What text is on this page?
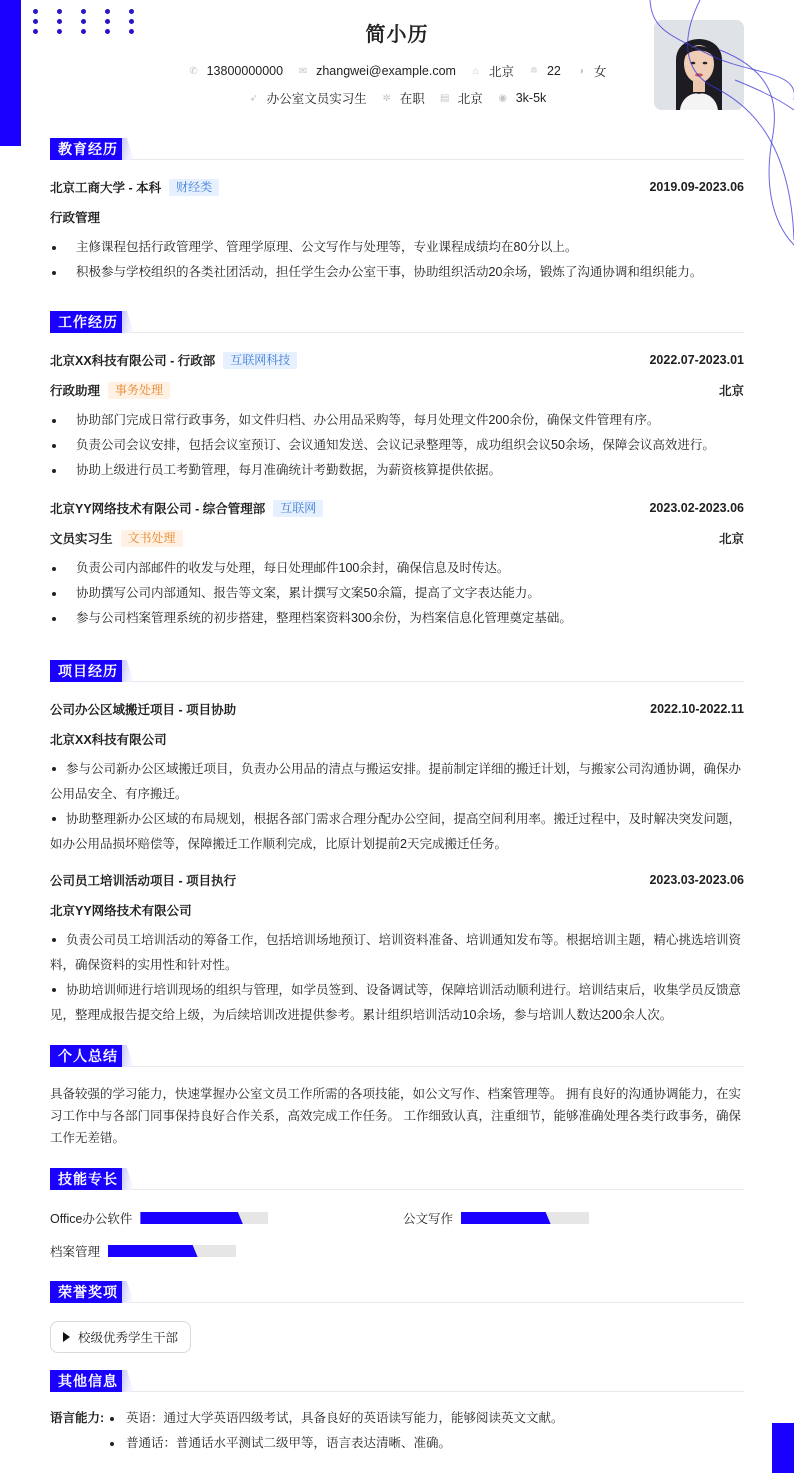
简小历
✆ 13800000000 ✉ zhangwei@example.com ⌂ 北京 ≘ 22 ◑ 女
➶ 办公室文员实习生 ✲ 在职 ▤ 北京 ◉ 3k-5k
教育经历
北京工商大学 - 本科	财经类	2019.09-2023.06
行政管理
主修课程包括行政管理学、管理学原理、公文写作与处理等，专业课程成绩均在80分以上。
积极参与学校组织的各类社团活动，担任学生会办公室干事，协助组织活动20余场，锻炼了沟通协调和组织能力。
工作经历
北京XX科技有限公司 - 行政部	互联网科技	2022.07-2023.01
行政助理	事务处理	北京
协助部门完成日常行政事务，如文件归档、办公用品采购等，每月处理文件200余份，确保文件管理有序。
负责公司会议安排，包括会议室预订、会议通知发送、会议记录整理等，成功组织会议50余场，保障会议高效进行。
协助上级进行员工考勤管理，每月准确统计考勤数据，为薪资核算提供依据。
北京YY网络技术有限公司 - 综合管理部	互联网	2023.02-2023.06
文员实习生	文书处理	北京
负责公司内部邮件的收发与处理，每日处理邮件100余封，确保信息及时传达。
协助撰写公司内部通知、报告等文案，累计撰写文案50余篇，提高了文字表达能力。
参与公司档案管理系统的初步搭建，整理档案资料300余份，为档案信息化管理奠定基础。
项目经历
公司办公区域搬迁项目 - 项目协助	2022.10-2022.11
北京XX科技有限公司
参与公司新办公区域搬迁项目，负责办公用品的清点与搬运安排。提前制定详细的搬迁计划，与搬家公司沟通协调，确保办公用品安全、有序搬迁。
协助整理新办公区域的布局规划，根据各部门需求合理分配办公空间，提高空间利用率。搬迁过程中，及时解决突发问题，如办公用品损坏赔偿等，保障搬迁工作顺利完成，比原计划提前2天完成搬迁任务。
公司员工培训活动项目 - 项目执行	2023.03-2023.06
北京YY网络技术有限公司
负责公司员工培训活动的筹备工作，包括培训场地预订、培训资料准备、培训通知发布等。根据培训主题，精心挑选培训资料，确保资料的实用性和针对性。
协助培训师进行培训现场的组织与管理，如学员签到、设备调试等，保障培训活动顺利进行。培训结束后，收集学员反馈意见，整理成报告提交给上级，为后续培训改进提供参考。累计组织培训活动10余场，参与培训人数达200余人次。
个人总结
具备较强的学习能力，快速掌握办公室文员工作所需的各项技能，如公文写作、档案管理等。 拥有良好的沟通协调能力，在实习工作中与各部门同事保持良好合作关系，高效完成工作任务。 工作细致认真，注重细节，能够准确处理各类行政事务，确保工作无差错。
技能专长
Office办公软件	公文写作
档案管理
荣誉奖项
校级优秀学生干部
其他信息
语言能力:	英语：通过大学英语四级考试，具备良好的英语读写能力，能够阅读英文文献。
普通话：普通话水平测试二级甲等，语言表达清晰、准确。
